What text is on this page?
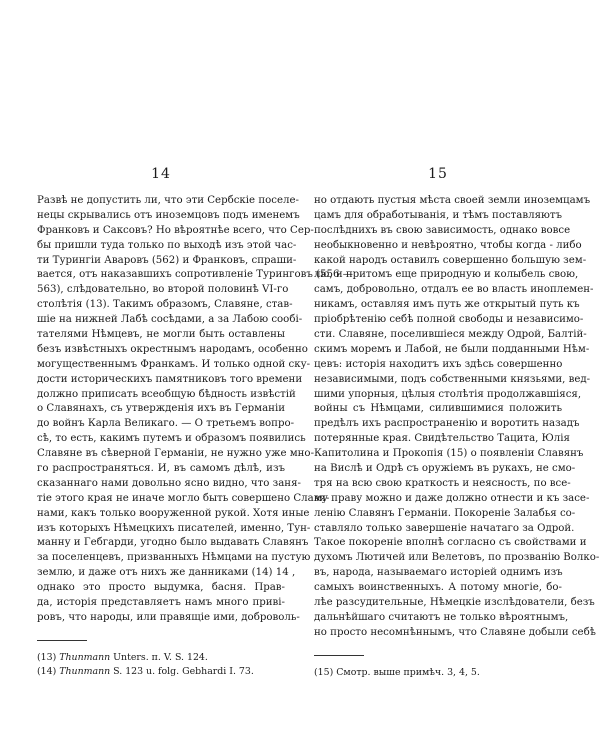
14
Развѣ не допустить ли, что эти Сербскіе поселе-
нецы скрывались отъ иноземцовъ подъ именемъ
Франковъ и Саксовъ? Но вѣроятнѣе всего, что Сер-
бы пришли туда только по выходѣ изъ этой час-
ти Турингіи Аваровъ (562) и Франковъ, спраши-
вается, отъ наказавшихъ сопротивленіе Туринговъ (556 —
563), слѣдовательно, во второй половинѣ VI-го
столѣтія (13). Такимъ образомъ, Славяне, став-
шіе на нижней Лабѣ сосѣдами, а за Лабою сообі-
тателями Нѣмцевъ, не могли быть оставлены
безъ извѣстныхъ окрестнымъ народамъ, особенно
могущественнымъ Франкамъ. И только одной ску-
дости историческихъ памятниковъ того времени
должно приписать всеобщую бѣдность извѣстій
о Славянахъ, съ утвержденія ихъ въ Германіи
до войнъ Карла Великаго. — О третьемъ вопро-
сѣ, то есть, какимъ путемъ и образомъ появились
Славяне въ сѣверной Германіи, не нужно уже мно-
го распространяться. И, въ самомъ дѣлѣ, изъ
сказаннаго нами довольно ясно видно, что заня-
тіе этого края не иначе могло быть совершено Славя-
нами, какъ только вооруженной рукой. Хотя иные
изъ которыхъ Нѣмецкихъ писателей, именно, Тун-
манну и Гебгарди, угодно было выдавать Славянъ
за поселенцевъ, призванныхъ Нѣмцами на пустую
землю, и даже отъ нихъ же данниками (14) 14 ,
однако это просто выдумка, басня. Прав-
да, исторія представляетъ намъ много приві-
ровъ, что народы, или правящіе ими, доброволь-
(13) Thunmann Unters. п. V. S. 124.
(14) Thunmann S. 123 u. folg. Gebhardi I. 73.
15
но отдають пустыя мѣста своей земли иноземцамъ
цамъ для обработыванія, и тѣмъ поставляютъ
послѣднихъ въ свою зависимость, однако вовсе
необыкновенно и невѣроятно, чтобы когда - либо
какой народъ оставилъ совершенно большую зем-
лю, и притомъ еще природную и колыбель свою,
самъ, добровольно, отдалъ ее во власть иноплемен-
никамъ, оставляя имъ путь же открытый путь къ
пріобрѣтенію себѣ полной свободы и независимо-
сти. Славяне, поселившіеся между Одрой, Балтій-
скимъ моремъ и Лабой, не были подданными Нѣм-
цевъ: исторія находитъ ихъ здѣсь совершенно
независимыми, подъ собственными князьями, вед-
шими упорныя, цѣлыя столѣтія продолжавшіяся,
войны съ Нѣмцами, силившимися положить
предѣлъ ихъ распространенію и воротить назадъ
потерянные края. Свидѣтельство Тацита, Юлія
Капитолина и Прокопія (15) о появленіи Славянъ
на Вислѣ и Одрѣ съ оружіемъ въ рукахъ, не смо-
тря на всю свою краткость и неясность, по все-
му праву можно и даже должно отнести и къ засе-
ленію Славянъ Германіи. Покореніе Залабья со-
ставляло только завершеніе начатаго за Одрой.
Такое покореніе вполнѣ согласно съ свойствами и
духомъ Лютичей или Велетовъ, по прозванію Волко-
въ, народа, называемаго исторіей однимъ изъ
самыхъ воинственныхъ. А потому многіе, бо-
лѣе разсудительные, Нѣмецкіе изслѣдователи, безъ
дальнѣйшаго считаютъ не только вѣроятнымъ,
но просто несомнѣннымъ, что Славяне добыли себѣ
(15) Смотр. выше примѣч. 3, 4, 5.
